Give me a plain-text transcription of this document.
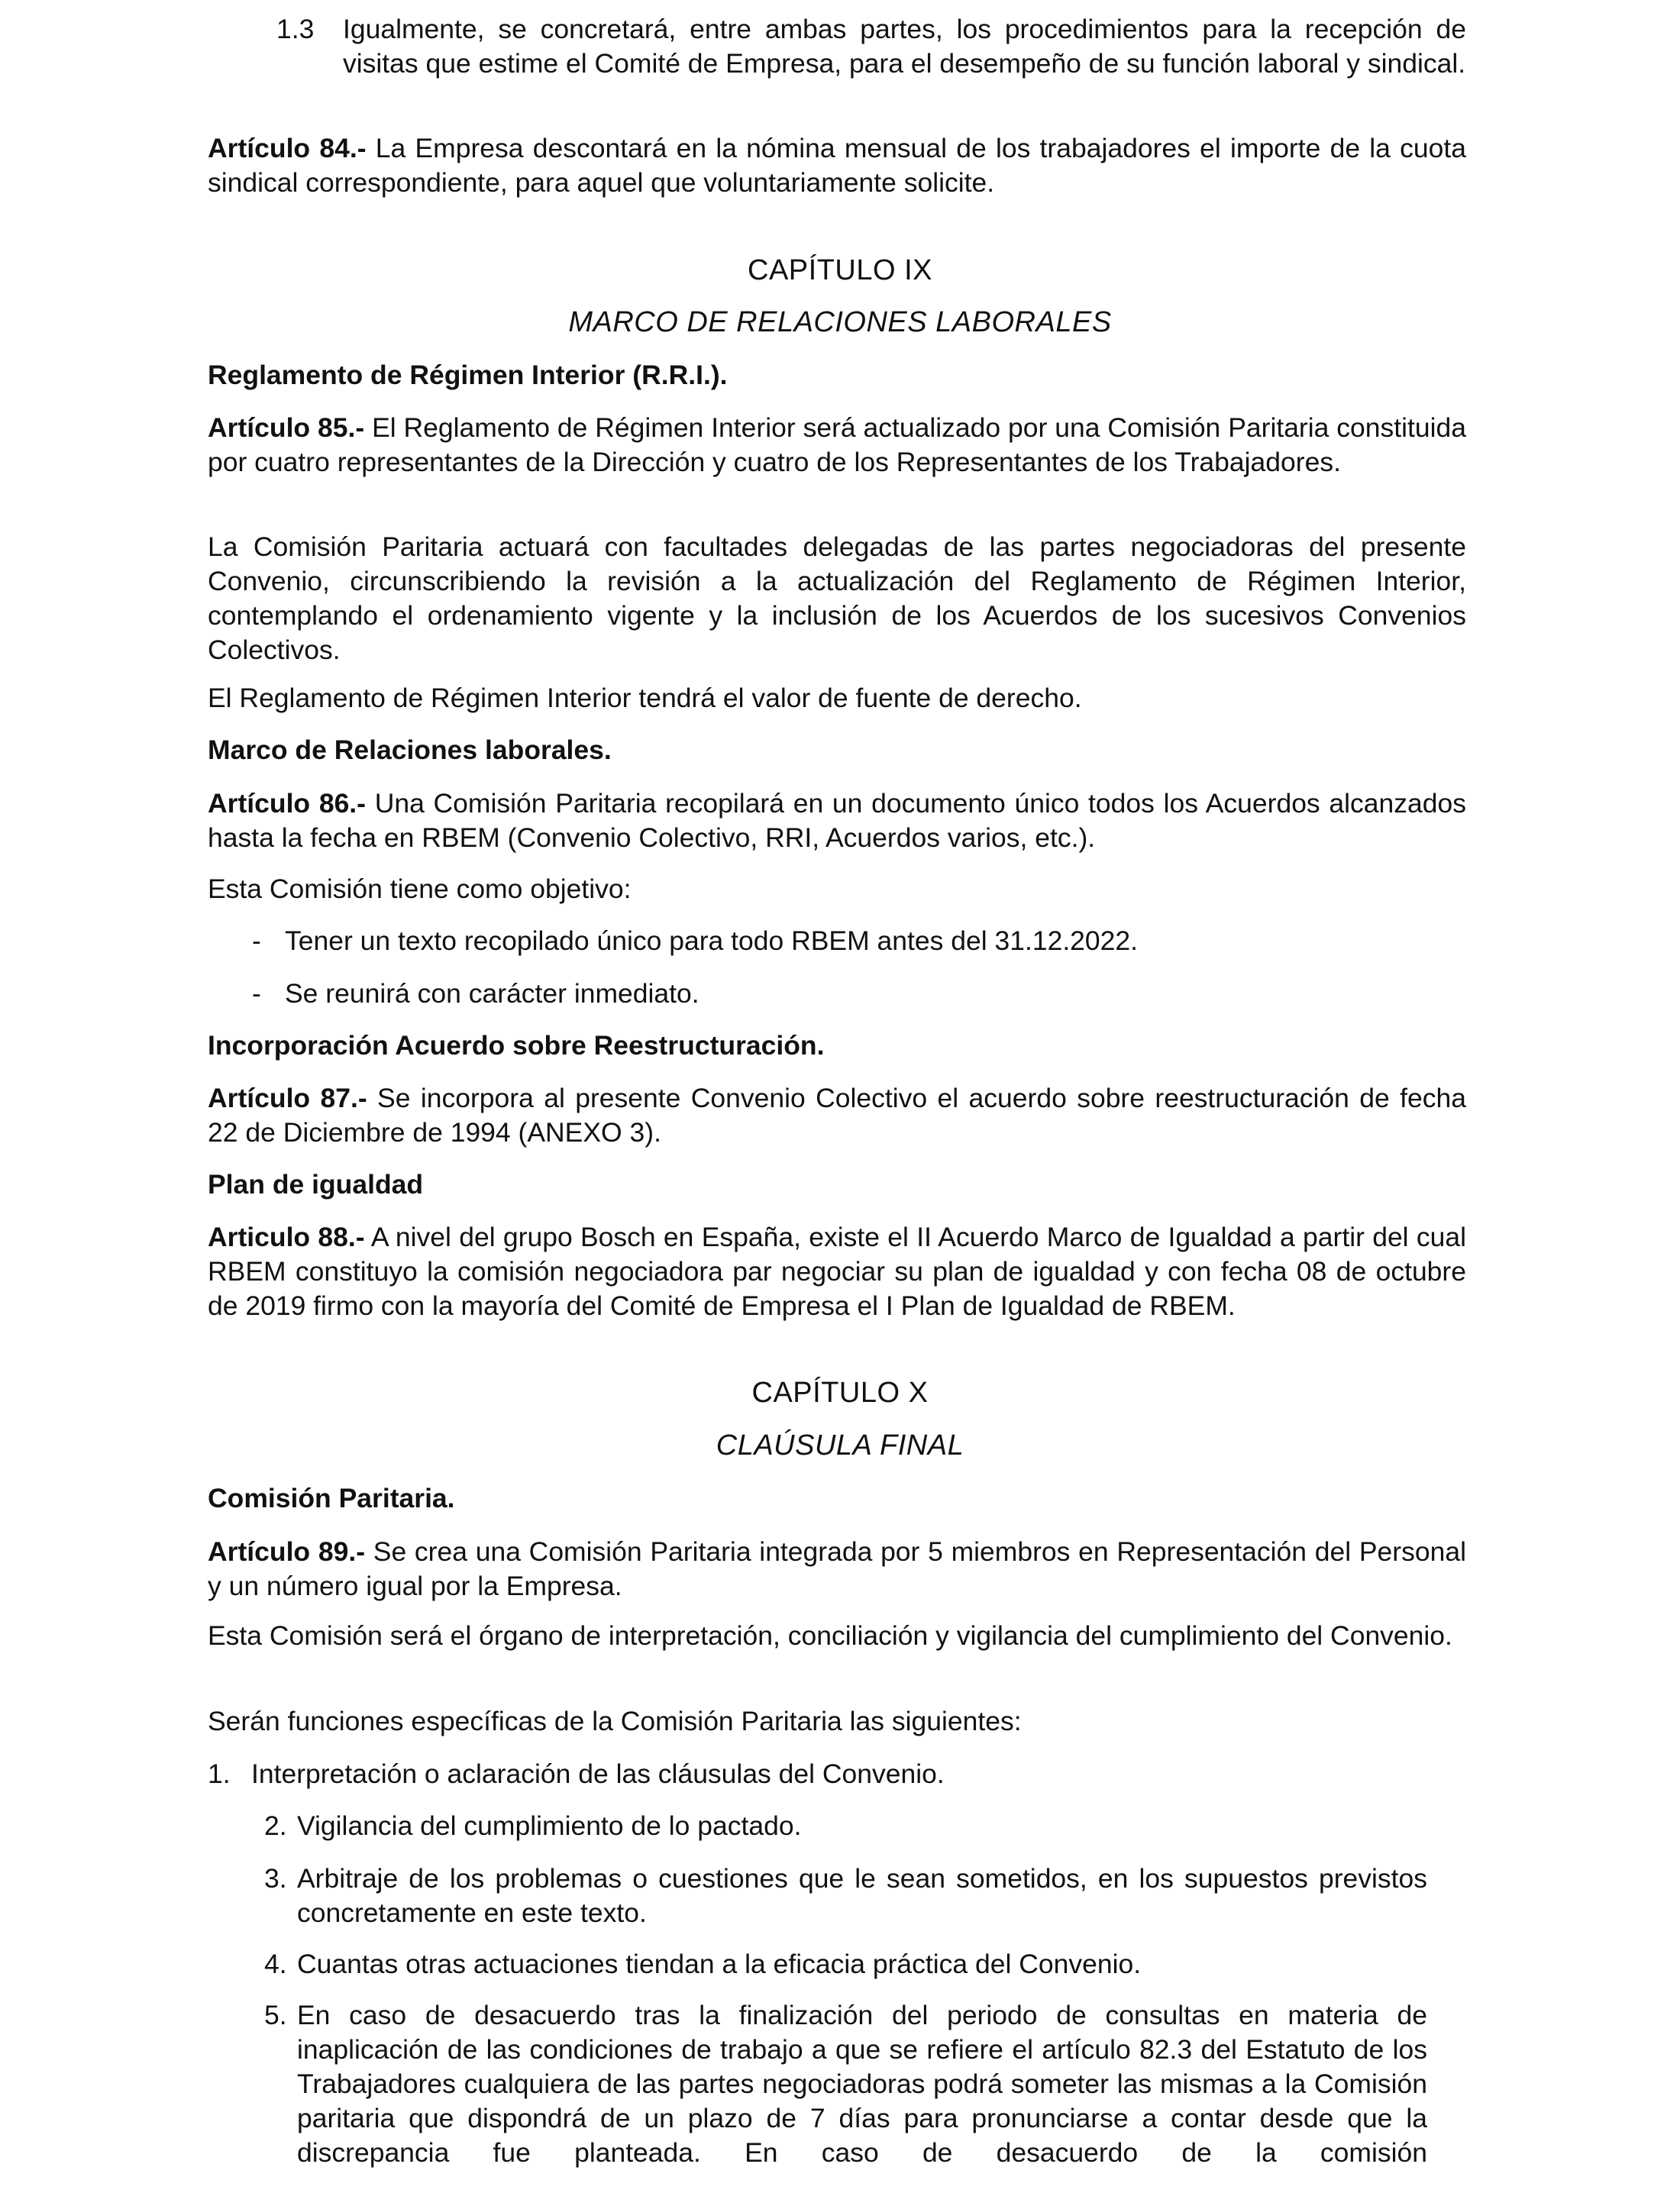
1.3 Igualmente, se concretará, entre ambas partes, los procedimientos para la recepción de visitas que estime el Comité de Empresa, para el desempeño de su función laboral y sindical.

Artículo 84.- La Empresa descontará en la nómina mensual de los trabajadores el importe de la cuota sindical correspondiente, para aquel que voluntariamente solicite.

CAPÍTULO IX

MARCO DE RELACIONES LABORALES

Reglamento de Régimen Interior (R.R.I.).

Artículo 85.- El Reglamento de Régimen Interior será actualizado por una Comisión Paritaria constituida por cuatro representantes de la Dirección y cuatro de los Representantes de los Trabajadores.

La Comisión Paritaria actuará con facultades delegadas de las partes negociadoras del presente Convenio, circunscribiendo la revisión a la actualización del Reglamento de Régimen Interior, contemplando el ordenamiento vigente y la inclusión de los Acuerdos de los sucesivos Convenios Colectivos.

El Reglamento de Régimen Interior tendrá el valor de fuente de derecho.

Marco de Relaciones laborales.

Artículo 86.- Una Comisión Paritaria recopilará en un documento único todos los Acuerdos alcanzados hasta la fecha en RBEM (Convenio Colectivo, RRI, Acuerdos varios, etc.).

Esta Comisión tiene como objetivo:

- Tener un texto recopilado único para todo RBEM antes del 31.12.2022.

- Se reunirá con carácter inmediato.

Incorporación Acuerdo sobre Reestructuración.

Artículo 87.- Se incorpora al presente Convenio Colectivo el acuerdo sobre reestructuración de fecha 22 de Diciembre de 1994 (ANEXO 3).

Plan de igualdad

Articulo 88.- A nivel del grupo Bosch en España, existe el II Acuerdo Marco de Igualdad a partir del cual RBEM constituyo la comisión negociadora par negociar su plan de igualdad y con fecha 08 de octubre de 2019 firmo con la mayoría del Comité de Empresa el I Plan de Igualdad de RBEM.

CAPÍTULO X

CLAÚSULA FINAL

Comisión Paritaria.

Artículo 89.- Se crea una Comisión Paritaria integrada por 5 miembros en Representación del Personal y un número igual por la Empresa.

Esta Comisión será el órgano de interpretación, conciliación y vigilancia del cumplimiento del Convenio.

Serán funciones específicas de la Comisión Paritaria las siguientes:

1. Interpretación o aclaración de las cláusulas del Convenio.

2. Vigilancia del cumplimiento de lo pactado.

3. Arbitraje de los problemas o cuestiones que le sean sometidos, en los supuestos previstos concretamente en este texto.

4. Cuantas otras actuaciones tiendan a la eficacia práctica del Convenio.

5. En caso de desacuerdo tras la finalización del periodo de consultas en materia de inaplicación de las condiciones de trabajo a que se refiere el artículo 82.3 del Estatuto de los Trabajadores cualquiera de las partes negociadoras podrá someter las mismas a la Comisión paritaria que dispondrá de un plazo de 7 días para pronunciarse a contar desde que la discrepancia fue planteada. En caso de desacuerdo de la comisión
